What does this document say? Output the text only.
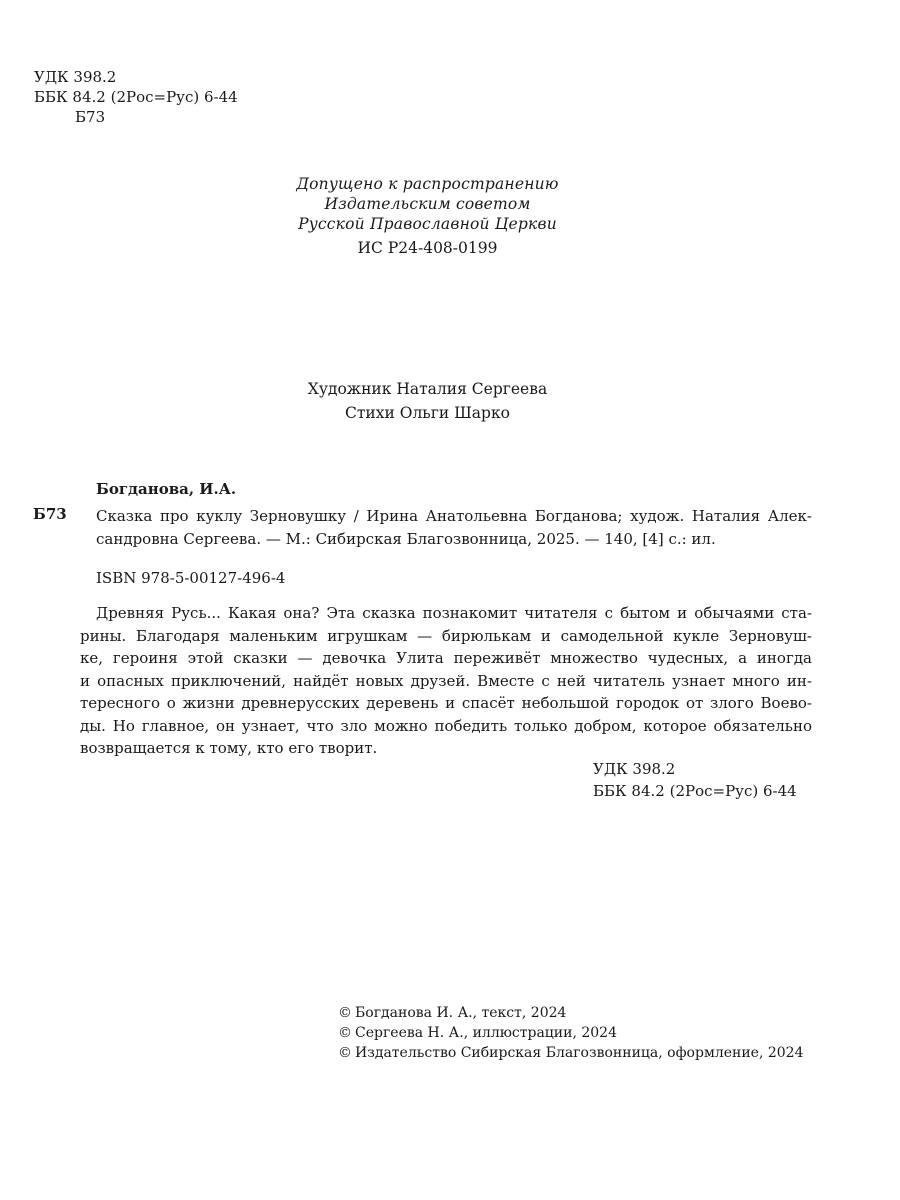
УДК 398.2
ББК 84.2 (2Рос=Рус) 6-44
Б73
Допущено к распространению
Издательским советом
Русской Православной Церкви
ИС Р24-408-0199
Художник Наталия Сергеева
Стихи Ольги Шарко
Богданова, И.А.
Б73 Сказка про куклу Зерновушку / Ирина Анатольевна Богданова; худож. Наталия Алек-
сандровна Сергеева. — М.: Сибирская Благозвонница, 2025. — 140, [4] с.: ил.
ISBN 978-5-00127-496-4
Древняя Русь... Какая она? Эта сказка познакомит читателя с бытом и обычаями ста-
рины. Благодаря маленьким игрушкам — бирюлькам и самодельной кукле Зерновуш-
ке, героиня этой сказки — девочка Улита переживёт множество чудесных, а иногда
и опасных приключений, найдёт новых друзей. Вместе с ней читатель узнает много ин-
тересного о жизни древнерусских деревень и спасёт небольшой городок от злого Воево-
ды. Но главное, он узнает, что зло можно победить только добром, которое обязательно
возвращается к тому, кто его творит.
УДК 398.2
ББК 84.2 (2Рос=Рус) 6-44
© Богданова И. А., текст, 2024
© Сергеева Н. А., иллюстрации, 2024
© Издательство Сибирская Благозвонница, оформление, 2024
